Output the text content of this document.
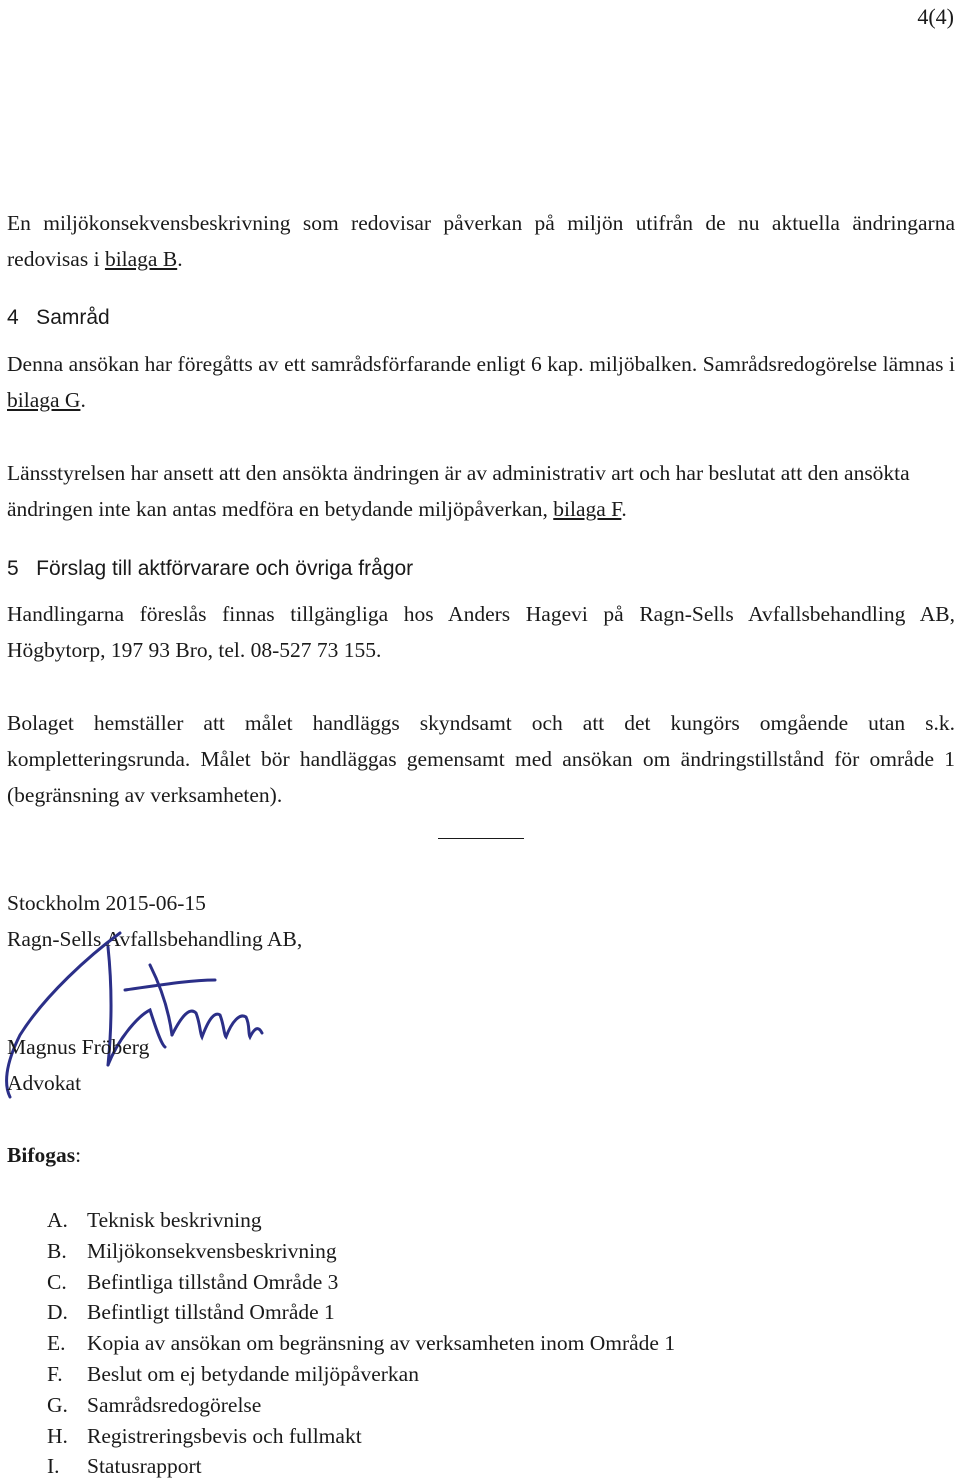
4(4)

En miljökonsekvensbeskrivning som redovisar påverkan på miljön utifrån de nu aktuella ändringarna redovisas i bilaga B.

4   Samråd

Denna ansökan har föregåtts av ett samrådsförfarande enligt 6 kap. miljöbalken. Samrådsredogörelse lämnas i bilaga G.

Länsstyrelsen har ansett att den ansökta ändringen är av administrativ art och har beslutat att den ansökta ändringen inte kan antas medföra en betydande miljöpåverkan, bilaga F.

5   Förslag till aktförvarare och övriga frågor

Handlingarna föreslås finnas tillgängliga hos Anders Hagevi på Ragn-Sells Avfallsbehandling AB, Högbytorp, 197 93 Bro, tel. 08-527 73 155.

Bolaget hemställer att målet handläggs skyndsamt och att det kungörs omgående utan s.k. kompletteringsrunda. Målet bör handläggas gemensamt med ansökan om ändringstillstånd för område 1 (begränsning av verksamheten).

Stockholm 2015-06-15
Ragn-Sells Avfallsbehandling AB,
Magnus Fröberg
Advokat
Bifogas:
A. Teknisk beskrivning
B. Miljökonsekvensbeskrivning
C. Befintliga tillstånd Område 3
D. Befintligt tillstånd Område 1
E. Kopia av ansökan om begränsning av verksamheten inom Område 1
F. Beslut om ej betydande miljöpåverkan
G. Samrådsredogörelse
H. Registreringsbevis och fullmakt
I. Statusrapport
